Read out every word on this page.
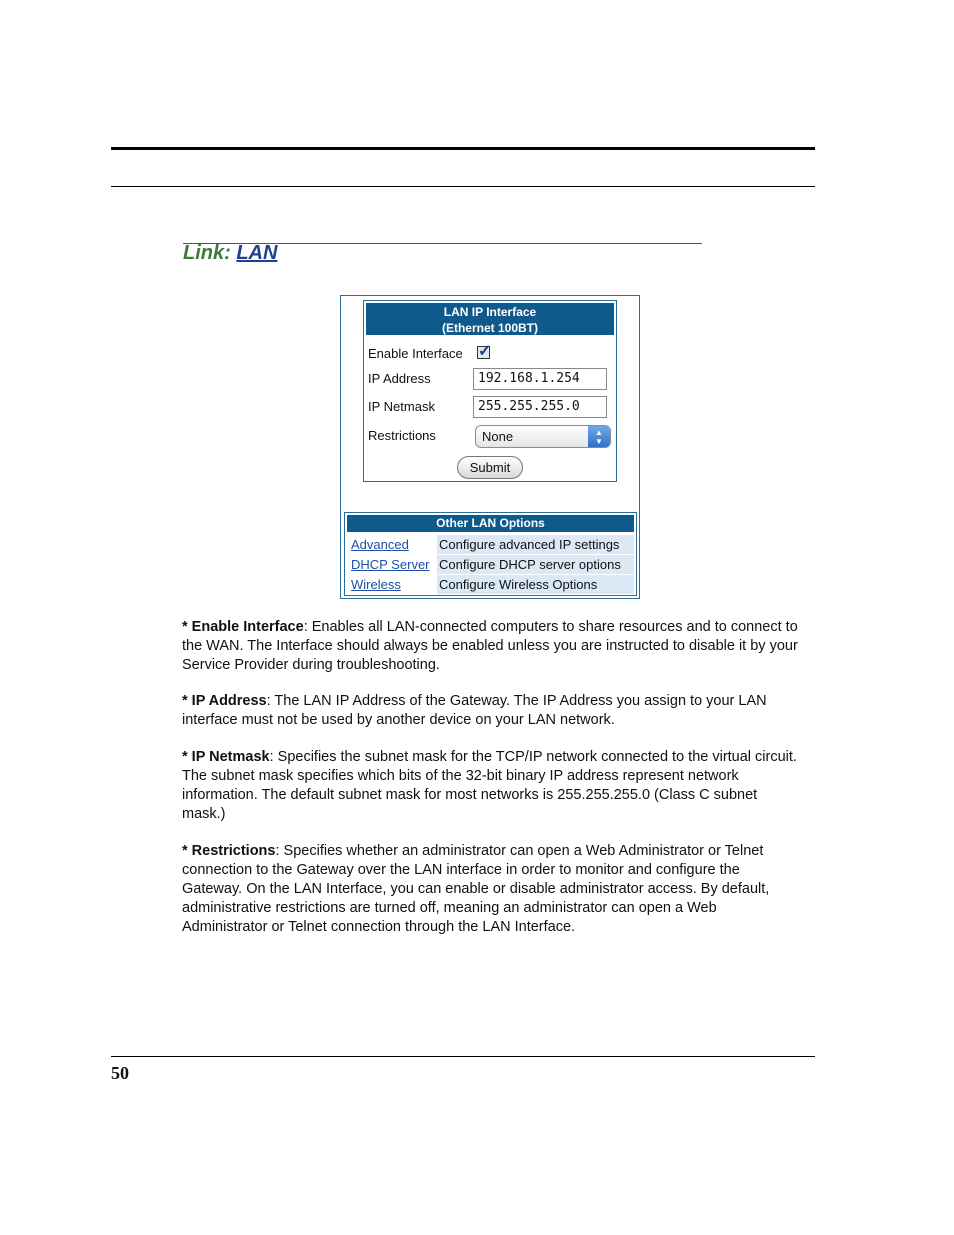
Link: LAN
LAN IP Interface
(Ethernet 100BT)
Enable Interface ✓
IP Address	192.168.1.254
IP Netmask	255.255.255.0
Restrictions	None	▲
▼
Submit
Other LAN Options
Advanced Configure advanced IP settings
DHCP Server Configure DHCP server options
Wireless	Configure Wireless Options
* Enable Interface: Enables all LAN-connected computers to share resources and to connect to the WAN. The Interface should always be enabled unless you are instructed to disable it by your Service Provider during troubleshooting.
* IP Address: The LAN IP Address of the Gateway. The IP Address you assign to your LAN interface must not be used by another device on your LAN network.
* IP Netmask: Specifies the subnet mask for the TCP/IP network connected to the virtual circuit. The subnet mask specifies which bits of the 32-bit binary IP address represent network information. The default subnet mask for most networks is 255.255.255.0 (Class C subnet mask.)
* Restrictions: Specifies whether an administrator can open a Web Administrator or Telnet connection to the Gateway over the LAN interface in order to monitor and configure the Gateway. On the LAN Interface, you can enable or disable administrator access. By default, administrative restrictions are turned off, meaning an administrator can open a Web Administrator or Telnet connection through the LAN Interface.
50
